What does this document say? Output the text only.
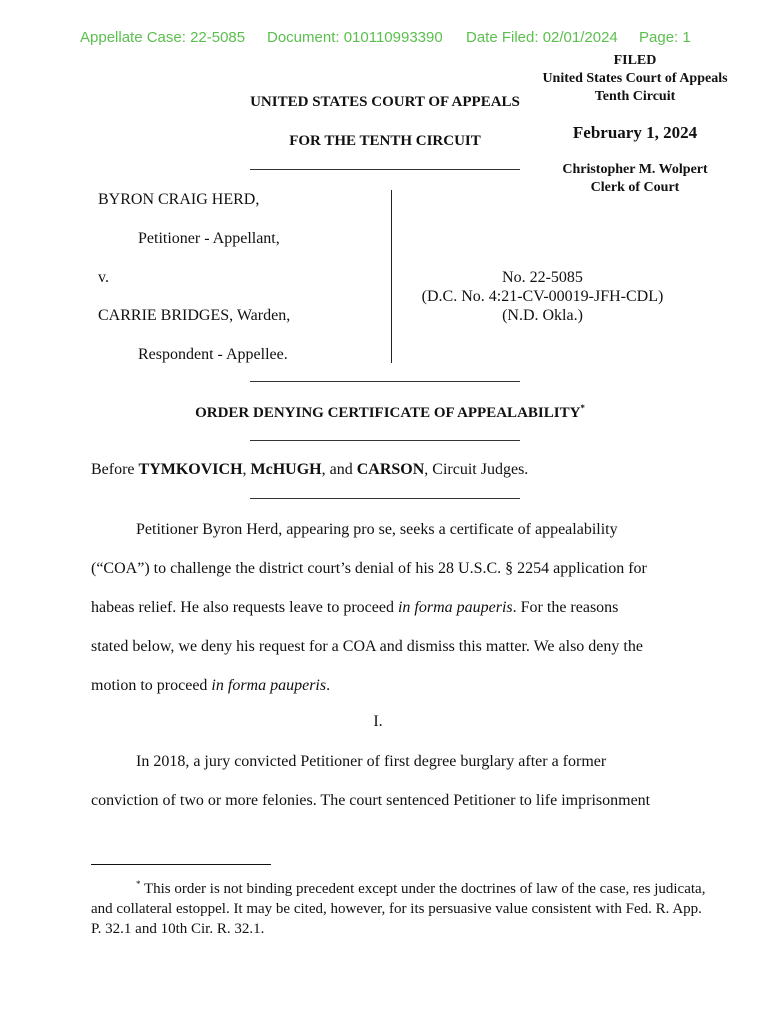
Appellate Case: 22-5085 Document: 010110993390 Date Filed: 02/01/2024 Page: 1
FILED
United States Court of Appeals
Tenth Circuit
February 1, 2024
Christopher M. Wolpert
Clerk of Court
UNITED STATES COURT OF APPEALS
FOR THE TENTH CIRCUIT
BYRON CRAIG HERD,
Petitioner - Appellant,
v.
CARRIE BRIDGES, Warden,
Respondent - Appellee.
No. 22-5085
(D.C. No. 4:21-CV-00019-JFH-CDL)
(N.D. Okla.)
ORDER DENYING CERTIFICATE OF APPEALABILITY*
Before TYMKOVICH, McHUGH, and CARSON, Circuit Judges.
Petitioner Byron Herd, appearing pro se, seeks a certificate of appealability
(“COA”) to challenge the district court’s denial of his 28 U.S.C. § 2254 application for
habeas relief. He also requests leave to proceed in forma pauperis. For the reasons
stated below, we deny his request for a COA and dismiss this matter. We also deny the
motion to proceed in forma pauperis.
I.
In 2018, a jury convicted Petitioner of first degree burglary after a former
conviction of two or more felonies. The court sentenced Petitioner to life imprisonment
* This order is not binding precedent except under the doctrines of law of the case, res judicata, and collateral estoppel. It may be cited, however, for its persuasive value consistent with Fed. R. App. P. 32.1 and 10th Cir. R. 32.1.
